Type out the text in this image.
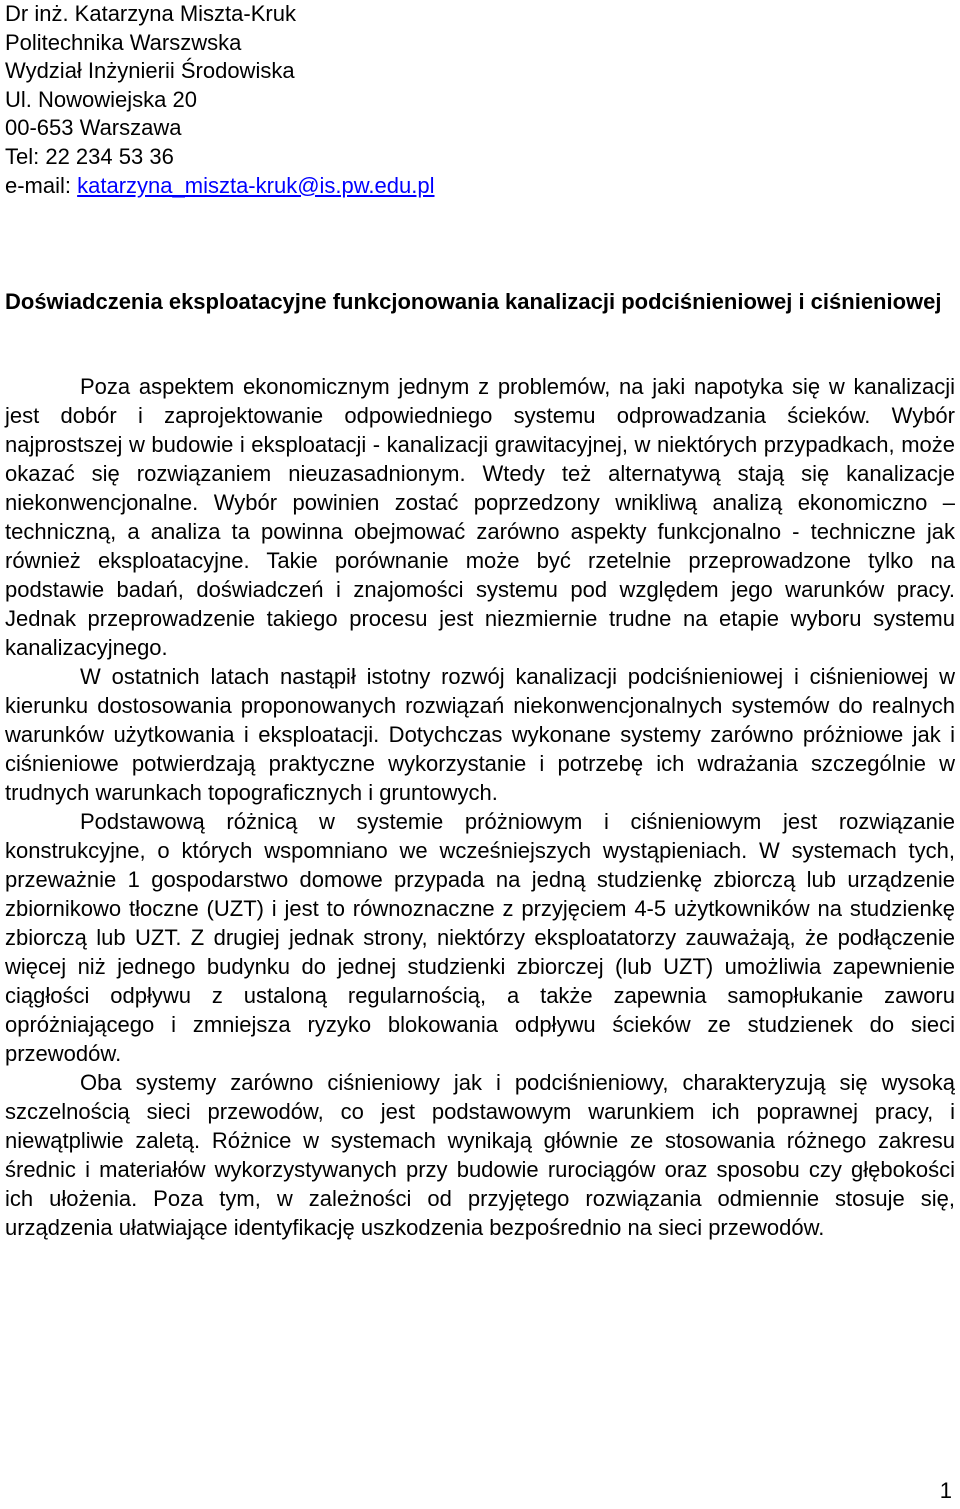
Dr inż. Katarzyna Miszta-Kruk
Politechnika Warszwska
Wydział Inżynierii Środowiska
Ul. Nowowiejska 20
00-653 Warszawa
Tel: 22 234 53 36
e-mail: katarzyna_miszta-kruk@is.pw.edu.pl
Doświadczenia eksploatacyjne funkcjonowania kanalizacji podciśnieniowej i ciśnieniowej

Poza aspektem ekonomicznym jednym z problemów, na jaki napotyka się w kanalizacji jest dobór i zaprojektowanie odpowiedniego systemu odprowadzania ścieków. Wybór najprostszej w budowie i eksploatacji - kanalizacji grawitacyjnej, w niektórych przypadkach, może okazać się rozwiązaniem nieuzasadnionym. Wtedy też alternatywą stają się kanalizacje niekonwencjonalne. Wybór powinien zostać poprzedzony wnikliwą analizą ekonomiczno – techniczną, a analiza ta powinna obejmować zarówno aspekty funkcjonalno - techniczne jak również eksploatacyjne. Takie porównanie może być rzetelnie przeprowadzone tylko na podstawie badań, doświadczeń i znajomości systemu pod względem jego warunków pracy. Jednak przeprowadzenie takiego procesu jest niezmiernie trudne na etapie wyboru systemu kanalizacyjnego.

W ostatnich latach nastąpił istotny rozwój kanalizacji podciśnieniowej i ciśnieniowej w kierunku dostosowania proponowanych rozwiązań niekonwencjonalnych systemów do realnych warunków użytkowania i eksploatacji. Dotychczas wykonane systemy zarówno próżniowe jak i ciśnieniowe potwierdzają praktyczne wykorzystanie i potrzebę ich wdrażania szczególnie w trudnych warunkach topograficznych i gruntowych.

Podstawową różnicą w systemie próżniowym i ciśnieniowym jest rozwiązanie konstrukcyjne, o których wspomniano we wcześniejszych wystąpieniach. W systemach tych, przeważnie 1 gospodarstwo domowe przypada na jedną studzienkę zbiorczą lub urządzenie zbiornikowo tłoczne (UZT) i jest to równoznaczne z przyjęciem 4-5 użytkowników na studzienkę zbiorczą lub UZT. Z drugiej jednak strony, niektórzy eksploatatorzy zauważają, że podłączenie więcej niż jednego budynku do jednej studzienki zbiorczej (lub UZT) umożliwia zapewnienie ciągłości odpływu z ustaloną regularnością, a także zapewnia samopłukanie zaworu opróżniającego i zmniejsza ryzyko blokowania odpływu ścieków ze studzienek do sieci przewodów.

Oba systemy zarówno ciśnieniowy jak i podciśnieniowy, charakteryzują się wysoką szczelnością sieci przewodów, co jest podstawowym warunkiem ich poprawnej pracy, i niewątpliwie zaletą. Różnice w systemach wynikają głównie ze stosowania różnego zakresu średnic i materiałów wykorzystywanych przy budowie rurociągów oraz sposobu czy głębokości ich ułożenia. Poza tym, w zależności od przyjętego rozwiązania odmiennie stosuje się, urządzenia ułatwiające identyfikację uszkodzenia bezpośrednio na sieci przewodów.

1
